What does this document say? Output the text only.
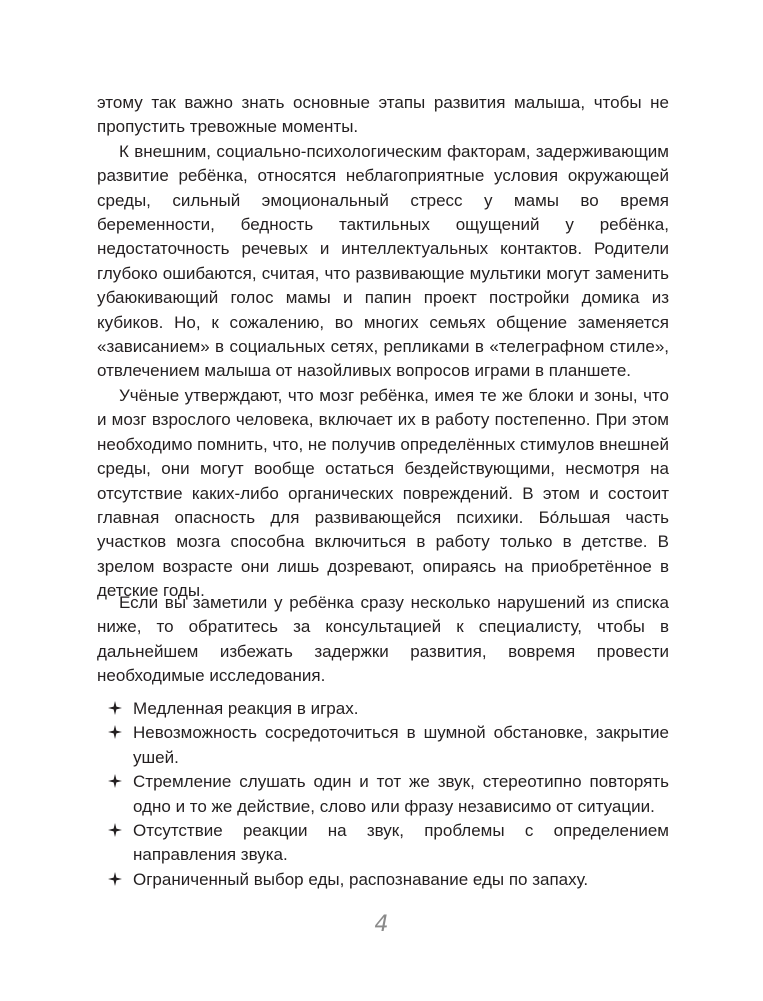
этому так важно знать основные этапы развития малыша, чтобы не пропустить тревожные моменты.

К внешним, социально-психологическим факторам, задерживающим развитие ребёнка, относятся неблагоприятные условия окружающей среды, сильный эмоциональный стресс у мамы во время беременности, бедность тактильных ощущений у ребёнка, недостаточность речевых и интеллектуальных контактов. Родители глубоко ошибаются, считая, что развивающие мультики могут заменить убаюкивающий голос мамы и папин проект постройки домика из кубиков. Но, к сожалению, во многих семьях общение заменяется «зависанием» в социальных сетях, репликами в «телеграфном стиле», отвлечением малыша от назойливых вопросов играми в планшете.

Учёные утверждают, что мозг ребёнка, имея те же блоки и зоны, что и мозг взрослого человека, включает их в работу постепенно. При этом необходимо помнить, что, не получив определённых стимулов внешней среды, они могут вообще остаться бездействующими, несмотря на отсутствие каких-либо органических повреждений. В этом и состоит главная опасность для развивающейся психики. Бо́льшая часть участков мозга способна включиться в работу только в детстве. В зрелом возрасте они лишь дозревают, опираясь на приобретённое в детские годы.

Если вы заметили у ребёнка сразу несколько нарушений из списка ниже, то обратитесь за консультацией к специалисту, чтобы в дальнейшем избежать задержки развития, вовремя провести необходимые исследования.

Медленная реакция в играх.
Невозможность сосредоточиться в шумной обстановке, закрытие ушей.
Стремление слушать один и тот же звук, стереотипно повторять одно и то же действие, слово или фразу независимо от ситуации.
Отсутствие реакции на звук, проблемы с определением направления звука.
Ограниченный выбор еды, распознавание еды по запаху.
4
